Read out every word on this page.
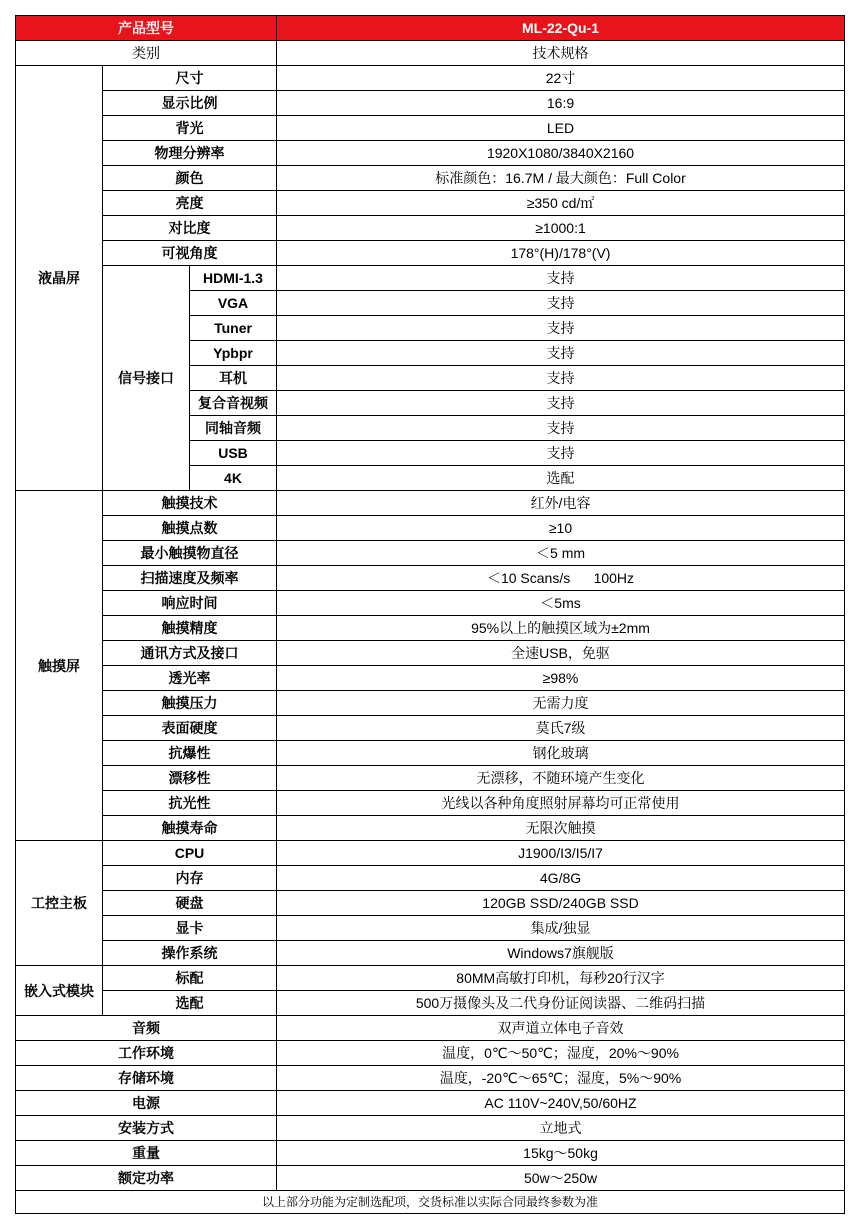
产品型号			ML-22-Qu-1
类别			技术规格
液晶屏	尺寸		22寸
	显示比例		16:9
	背光		LED
	物理分辨率		1920X1080/3840X2160
	颜色		标准颜色：16.7M / 最大颜色：Full Color
	亮度		≥350 cd/㎡
	对比度		≥1000:1
	可视角度		178°(H)/178°(V)
	信号接口	HDMI-1.3	支持
		VGA	支持
		Tuner	支持
		Ypbpr	支持
		耳机	支持
		复合音视频	支持
		同轴音频	支持
		USB	支持
		4K	选配
触摸屏	触摸技术		红外/电容
	触摸点数		≥10
	最小触摸物直径		＜5 mm
	扫描速度及频率		＜10 Scans/s      100Hz
	响应时间		＜5ms
	触摸精度		95%以上的触摸区域为±2mm
	通讯方式及接口		全速USB，免驱
	透光率		≥98%
	触摸压力		无需力度
	表面硬度		莫氏7级
	抗爆性		钢化玻璃
	漂移性		无漂移，不随环境产生变化
	抗光性		光线以各种角度照射屏幕均可正常使用
	触摸寿命		无限次触摸
工控主板	CPU		J1900/I3/I5/I7
	内存		4G/8G
	硬盘		120GB SSD/240GB SSD
	显卡		集成/独显
	操作系统		Windows7旗舰版
嵌入式模块	标配		80MM高敏打印机，每秒20行汉字
	选配		500万摄像头及二代身份证阅读器、二维码扫描
音频			双声道立体电子音效
工作环境			温度，0℃～50℃；湿度，20%～90%
存储环境			温度，-20℃～65℃；湿度，5%～90%
电源			AC 110V~240V,50/60HZ
安装方式			立地式
重量			15kg～50kg
额定功率			50w～250w
以上部分功能为定制选配项，交货标准以实际合同最终参数为准			
